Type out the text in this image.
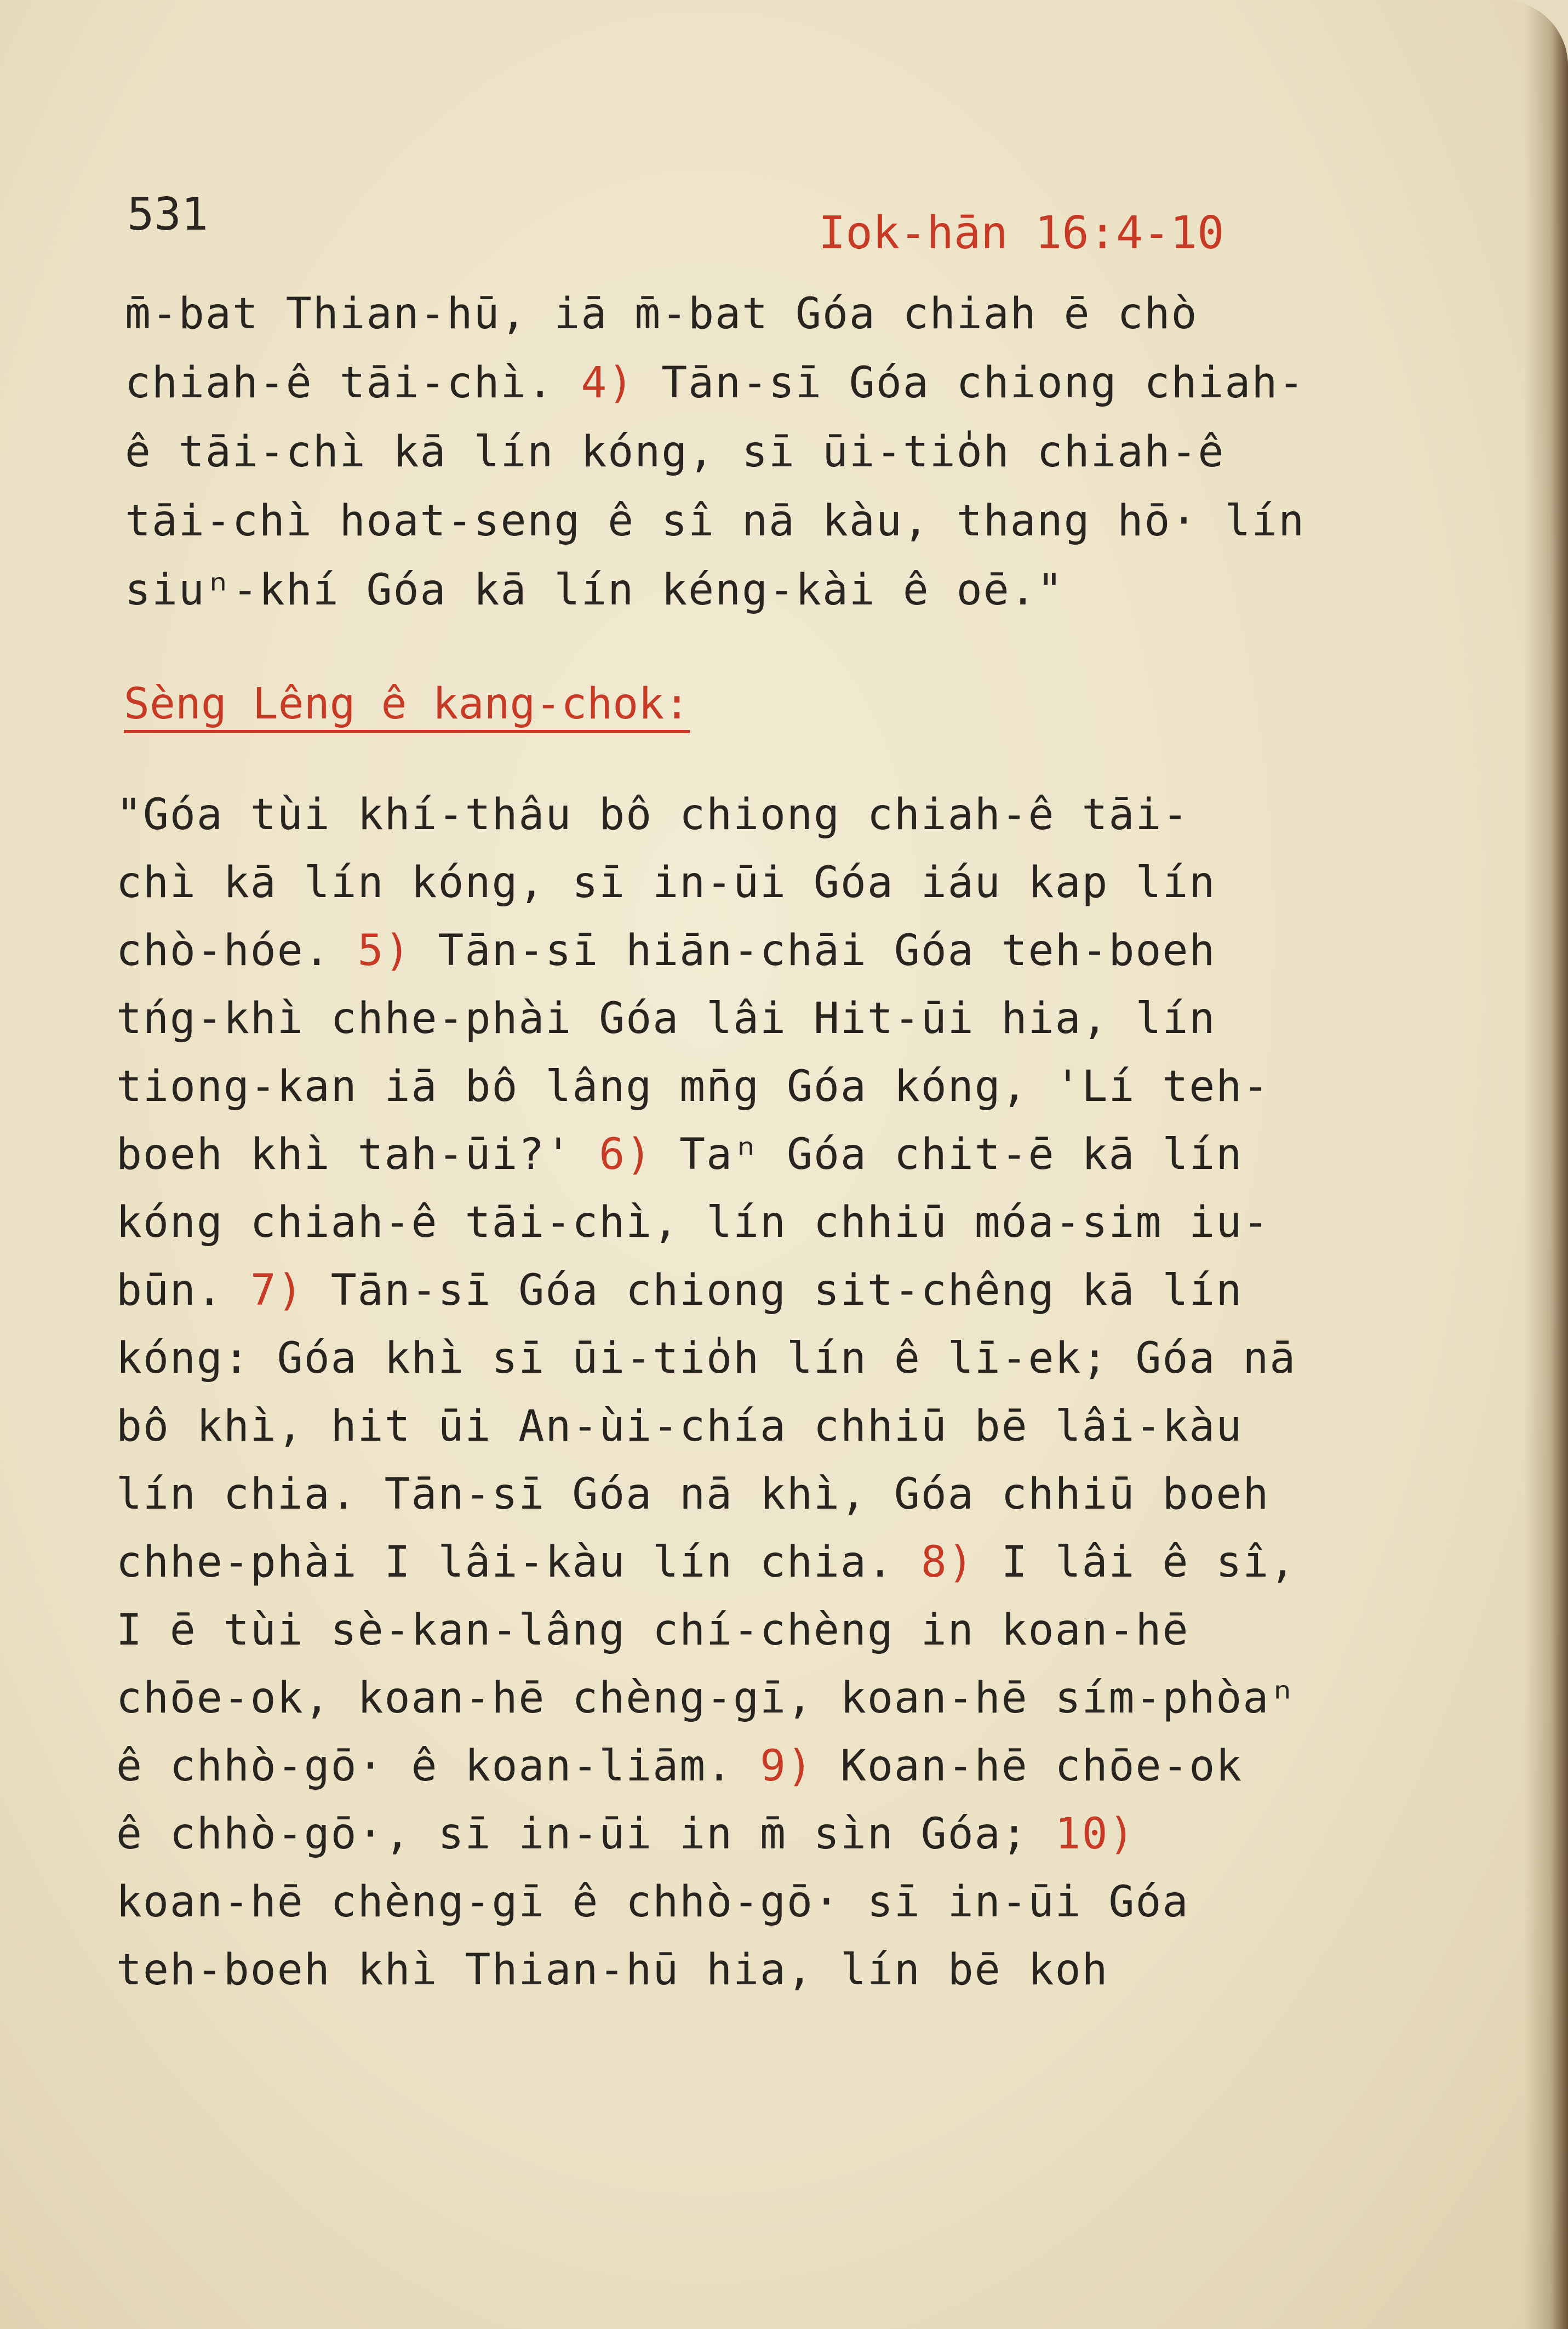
531	Iok-hān 16:4-10
m̄-bat Thian-hū, iā m̄-bat Góa chiah ē chò
chiah-ê tāi-chì. 4) Tān-sī Góa chiong chiah-
ê tāi-chì kā lín kóng, sī ūi-tio̍h chiah-ê
tāi-chì hoat-seng ê sî nā kàu, thang hō· lín
siuⁿ-khí Góa kā lín kéng-kài ê oē."
Sèng Lêng ê kang-chok:
"Góa tùi khí-thâu bô chiong chiah-ê tāi-
chì kā lín kóng, sī in-ūi Góa iáu kap lín
chò-hóe. 5) Tān-sī hiān-chāi Góa teh-boeh
tńg-khì chhe-phài Góa lâi Hit-ūi hia, lín
tiong-kan iā bô lâng mn̄g Góa kóng, 'Lí teh-
boeh khì tah-ūi?' 6) Taⁿ Góa chit-ē kā lín
kóng chiah-ê tāi-chì, lín chhiū móa-sim iu-
būn. 7) Tān-sī Góa chiong sit-chêng kā lín
kóng: Góa khì sī ūi-tio̍h lín ê lī-ek; Góa nā
bô khì, hit ūi An-ùi-chía chhiū bē lâi-kàu
lín chia. Tān-sī Góa nā khì, Góa chhiū boeh
chhe-phài I lâi-kàu lín chia. 8) I lâi ê sî,
I ē tùi sè-kan-lâng chí-chèng in koan-hē
chōe-ok, koan-hē chèng-gī, koan-hē sím-phòaⁿ
ê chhò-gō· ê koan-liām. 9) Koan-hē chōe-ok
ê chhò-gō·, sī in-ūi in m̄ sìn Góa; 10)
koan-hē chèng-gī ê chhò-gō· sī in-ūi Góa
teh-boeh khì Thian-hū hia, lín bē koh
